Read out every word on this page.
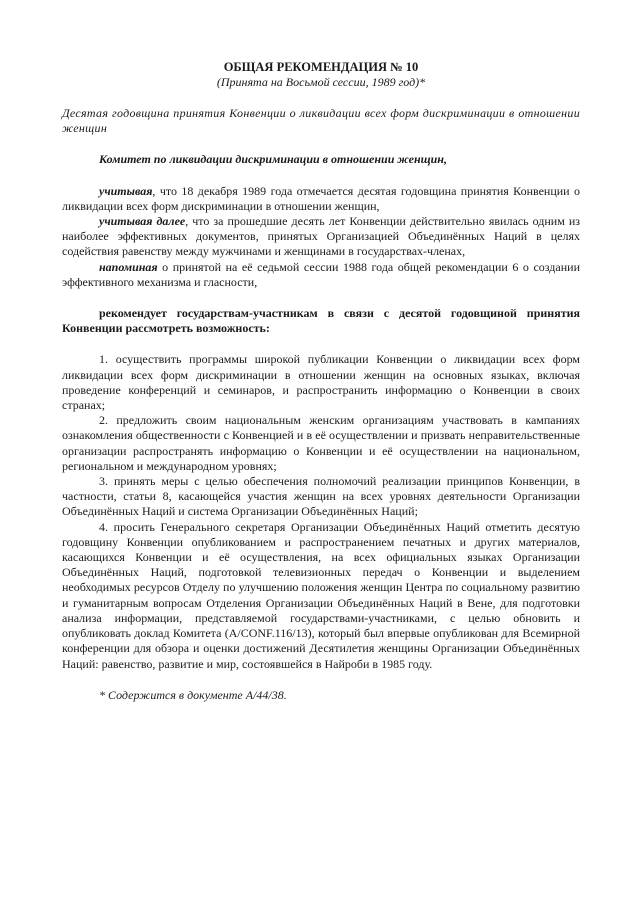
ОБЩАЯ РЕКОМЕНДАЦИЯ № 10
(Принята на Восьмой сессии, 1989 год)*

Десятая годовщина принятия Конвенции о ликвидации всех форм дискриминации в отношении женщин

Комитет по ликвидации дискриминации в отношении женщин,

учитывая, что 18 декабря 1989 года отмечается десятая годовщина принятия Конвенции о ликвидации всех форм дискриминации в отношении женщин,

учитывая далее, что за прошедшие десять лет Конвенции действительно явилась одним из наиболее эффективных документов, принятых Организацией Объединённых Наций в целях содействия равенству между мужчинами и женщинами в государствах-членах,

напоминая о принятой на её седьмой сессии 1988 года общей рекомендации 6 о создании эффективного механизма и гласности,

рекомендует государствам-участникам в связи с десятой годовщиной принятия Конвенции рассмотреть возможность:

1. осуществить программы широкой публикации Конвенции о ликвидации всех форм ликвидации всех форм дискриминации в отношении женщин на основных языках, включая проведение конференций и семинаров, и распространить информацию о Конвенции в своих странах;

2. предложить своим национальным женским организациям участвовать в кампаниях ознакомления общественности с Конвенцией и в её осуществлении и призвать неправительственные организации распространять информацию о Конвенции и её осуществлении на национальном, региональном и международном уровнях;

3. принять меры с целью обеспечения полномочий реализации принципов Конвенции, в частности, статьи 8, касающейся участия женщин на всех уровнях деятельности Организации Объединённых Наций и система Организации Объединённых Наций;

4. просить Генерального секретаря Организации Объединённых Наций отметить десятую годовщину Конвенции опубликованием и распространением печатных и других материалов, касающихся Конвенции и её осуществления, на всех официальных языках Организации Объединённых Наций, подготовкой телевизионных передач о Конвенции и выделением необходимых ресурсов Отделу по улучшению положения женщин Центра по социальному развитию и гуманитарным вопросам Отделения Организации Объединённых Наций в Вене, для подготовки анализа информации, представляемой государствами-участниками, с целью обновить и опубликовать доклад Комитета (A/CONF.116/13), который был впервые опубликован для Всемирной конференции для обзора и оценки достижений Десятилетия женщины Организации Объединённых Наций: равенство, развитие и мир, состоявшейся в Найроби в 1985 году.

* Содержится в документе A/44/38.
